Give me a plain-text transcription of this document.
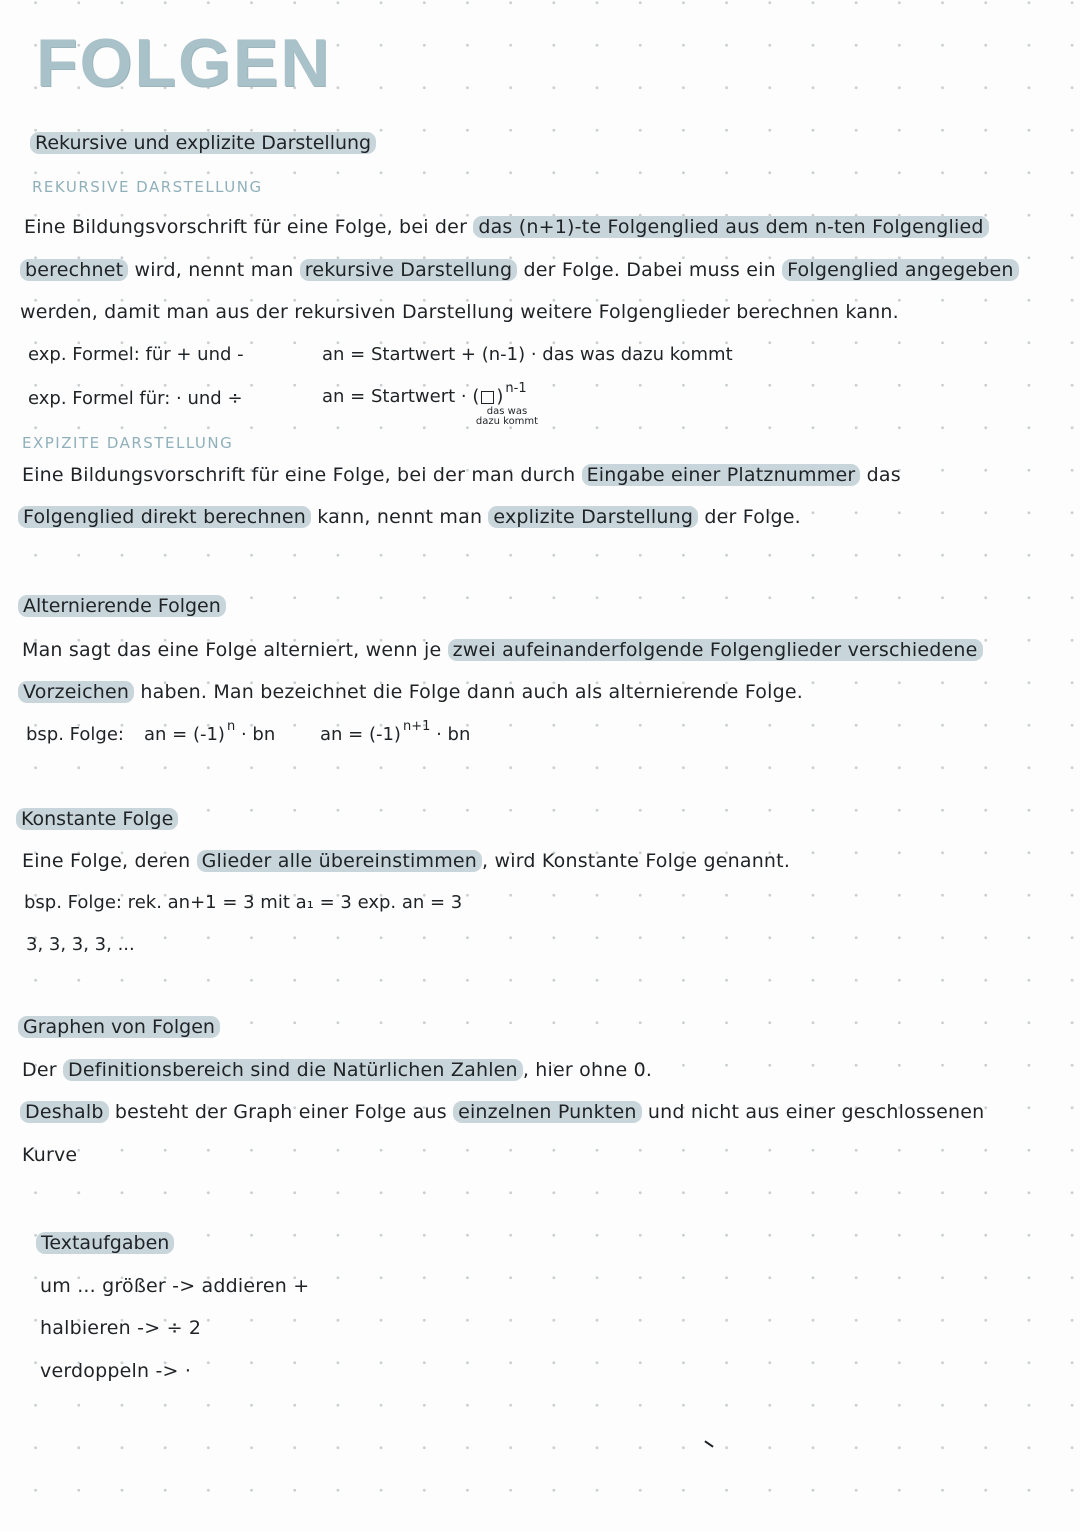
FOLGEN
Rekursive und explizite Darstellung
REKURSIVE DARSTELLUNG
Eine Bildungsvorschrift für eine Folge, bei der das (n+1)-te Folgenglied aus dem n-ten Folgenglied
berechnet wird, nennt man rekursive Darstellung der Folge. Dabei muss ein Folgenglied angegeben
werden, damit man aus der rekursiven Darstellung weitere Folgenglieder berechnen kann.
exp. Formel: für + und -	an = Startwert + (n-1) · das was dazu kommt
exp. Formel für: · und ÷	an = Startwert · ( ) $^{n-1}$
das was
dazu kommt
EXPIZITE DARSTELLUNG
Eine Bildungsvorschrift für eine Folge, bei der man durch Eingabe einer Platznummer das
Folgenglied direkt berechnen kann, nennt man explizite Darstellung der Folge.
Alternierende Folgen
Man sagt das eine Folge alterniert, wenn je zwei aufeinanderfolgende Folgenglieder verschiedene
Vorzeichen haben. Man bezeichnet die Folge dann auch als alternierende Folge.
bsp. Folge: an = (-1) $^n$ · bn an = (-1) $^{n+1}$ · bn
Konstante Folge
Eine Folge, deren Glieder alle übereinstimmen , wird Konstante Folge genannt.
bsp. Folge: rek. an+1 = 3 mit a₁ = 3 exp. an = 3
3, 3, 3, 3, ...
Graphen von Folgen
Der Definitionsbereich sind die Natürlichen Zahlen , hier ohne 0.
Deshalb besteht der Graph einer Folge aus einzelnen Punkten und nicht aus einer geschlossenen
Kurve
Textaufgaben
um ... größer -> addieren +
halbieren -> ÷ 2
verdoppeln -> ·
